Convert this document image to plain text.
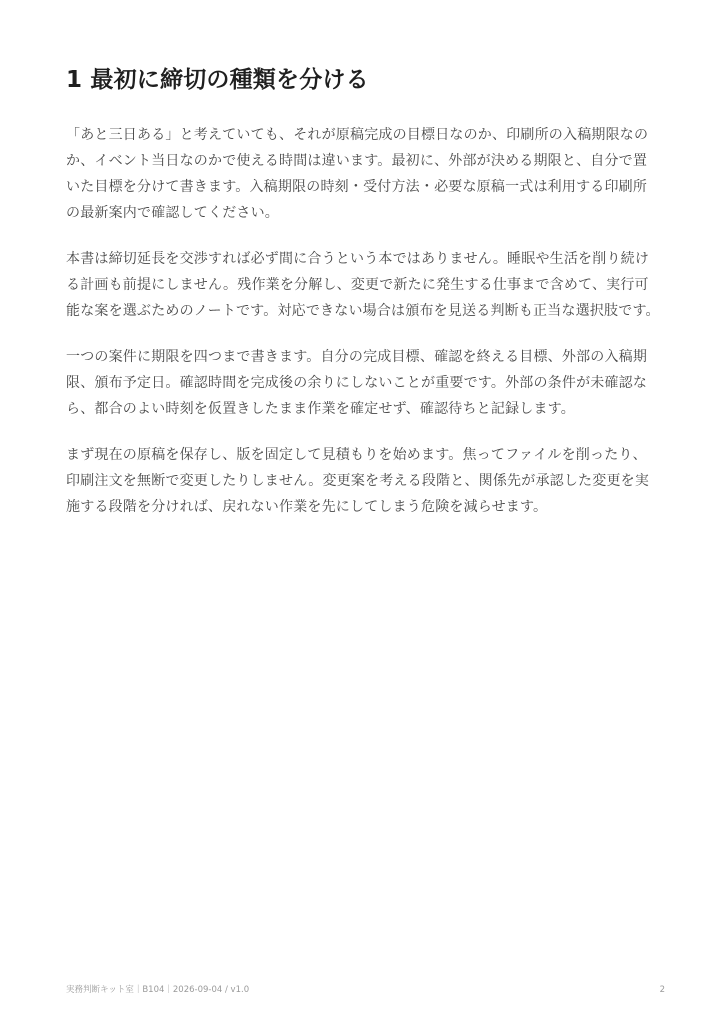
1 最初に締切の種類を分ける

「あと三日ある」と考えていても、それが原稿完成の目標日なのか、印刷所の入稿期限なのか、イベント当日なのかで使える時間は違います。最初に、外部が決める期限と、自分で置いた目標を分けて書きます。入稿期限の時刻・受付方法・必要な原稿一式は利用する印刷所の最新案内で確認してください。

本書は締切延長を交渉すれば必ず間に合うという本ではありません。睡眠や生活を削り続ける計画も前提にしません。残作業を分解し、変更で新たに発生する仕事まで含めて、実行可能な案を選ぶためのノートです。対応できない場合は頒布を見送る判断も正当な選択肢です。

一つの案件に期限を四つまで書きます。自分の完成目標、確認を終える目標、外部の入稿期限、頒布予定日。確認時間を完成後の余りにしないことが重要です。外部の条件が未確認なら、都合のよい時刻を仮置きしたまま作業を確定せず、確認待ちと記録します。

まず現在の原稿を保存し、版を固定して見積もりを始めます。焦ってファイルを削ったり、印刷注文を無断で変更したりしません。変更案を考える段階と、関係先が承認した変更を実施する段階を分ければ、戻れない作業を先にしてしまう危険を減らせます。

実務判断キット室｜B104｜2026-09-04 / v1.0	2
